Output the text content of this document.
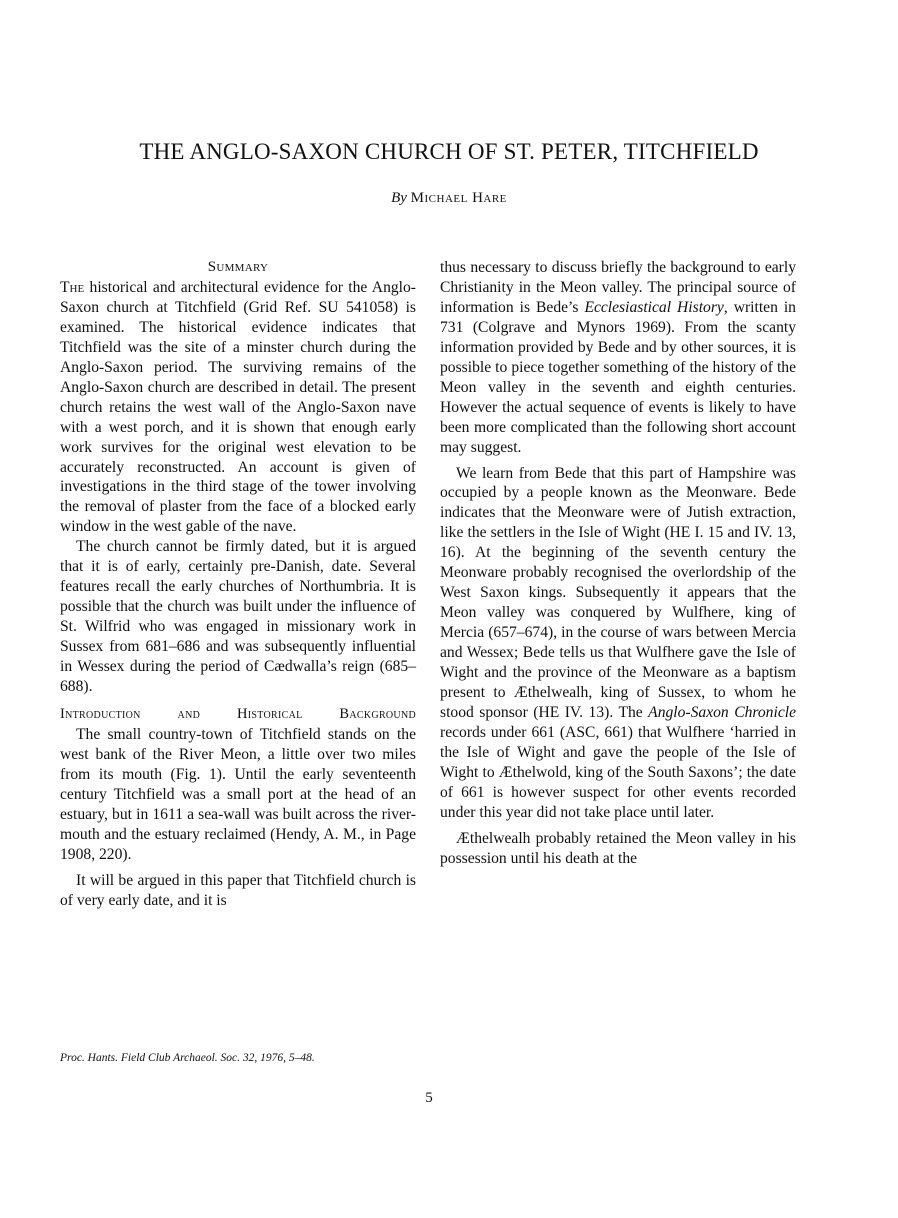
THE ANGLO-SAXON CHURCH OF ST. PETER, TITCHFIELD

By Michael Hare

Summary

The historical and architectural evidence for the Anglo-Saxon church at Titchfield (Grid Ref. SU 541058) is examined. The historical evidence indicates that Titchfield was the site of a minster church during the Anglo-Saxon period. The surviving remains of the Anglo-Saxon church are described in detail. The present church retains the west wall of the Anglo-Saxon nave with a west porch, and it is shown that enough early work survives for the original west elevation to be accurately reconstructed. An account is given of investigations in the third stage of the tower involving the removal of plaster from the face of a blocked early window in the west gable of the nave.

The church cannot be firmly dated, but it is argued that it is of early, certainly pre-Danish, date. Several features recall the early churches of Northumbria. It is possible that the church was built under the influence of St. Wilfrid who was engaged in missionary work in Sussex from 681–686 and was subsequently influential in Wessex during the period of Cædwalla’s reign (685–688).

Introduction and Historical Background

The small country-town of Titchfield stands on the west bank of the River Meon, a little over two miles from its mouth (Fig. 1). Until the early seventeenth century Titchfield was a small port at the head of an estuary, but in 1611 a sea-wall was built across the river-mouth and the estuary reclaimed (Hendy, A. M., in Page 1908, 220).

It will be argued in this paper that Titchfield church is of very early date, and it is

thus necessary to discuss briefly the background to early Christianity in the Meon valley. The principal source of information is Bede’s Ecclesiastical History, written in 731 (Colgrave and Mynors 1969). From the scanty information provided by Bede and by other sources, it is possible to piece together something of the history of the Meon valley in the seventh and eighth centuries. However the actual sequence of events is likely to have been more complicated than the following short account may suggest.

We learn from Bede that this part of Hampshire was occupied by a people known as the Meonware. Bede indicates that the Meonware were of Jutish extraction, like the settlers in the Isle of Wight (HE I. 15 and IV. 13, 16). At the beginning of the seventh century the Meonware probably recognised the overlordship of the West Saxon kings. Subsequently it appears that the Meon valley was conquered by Wulfhere, king of Mercia (657–674), in the course of wars between Mercia and Wessex; Bede tells us that Wulfhere gave the Isle of Wight and the province of the Meonware as a baptism present to Æthelwealh, king of Sussex, to whom he stood sponsor (HE IV. 13). The Anglo-Saxon Chronicle records under 661 (ASC, 661) that Wulfhere ‘harried in the Isle of Wight and gave the people of the Isle of Wight to Æthelwold, king of the South Saxons’; the date of 661 is however suspect for other events recorded under this year did not take place until later.

Æthelwealh probably retained the Meon valley in his possession until his death at the

Proc. Hants. Field Club Archaeol. Soc. 32, 1976, 5–48.

5
